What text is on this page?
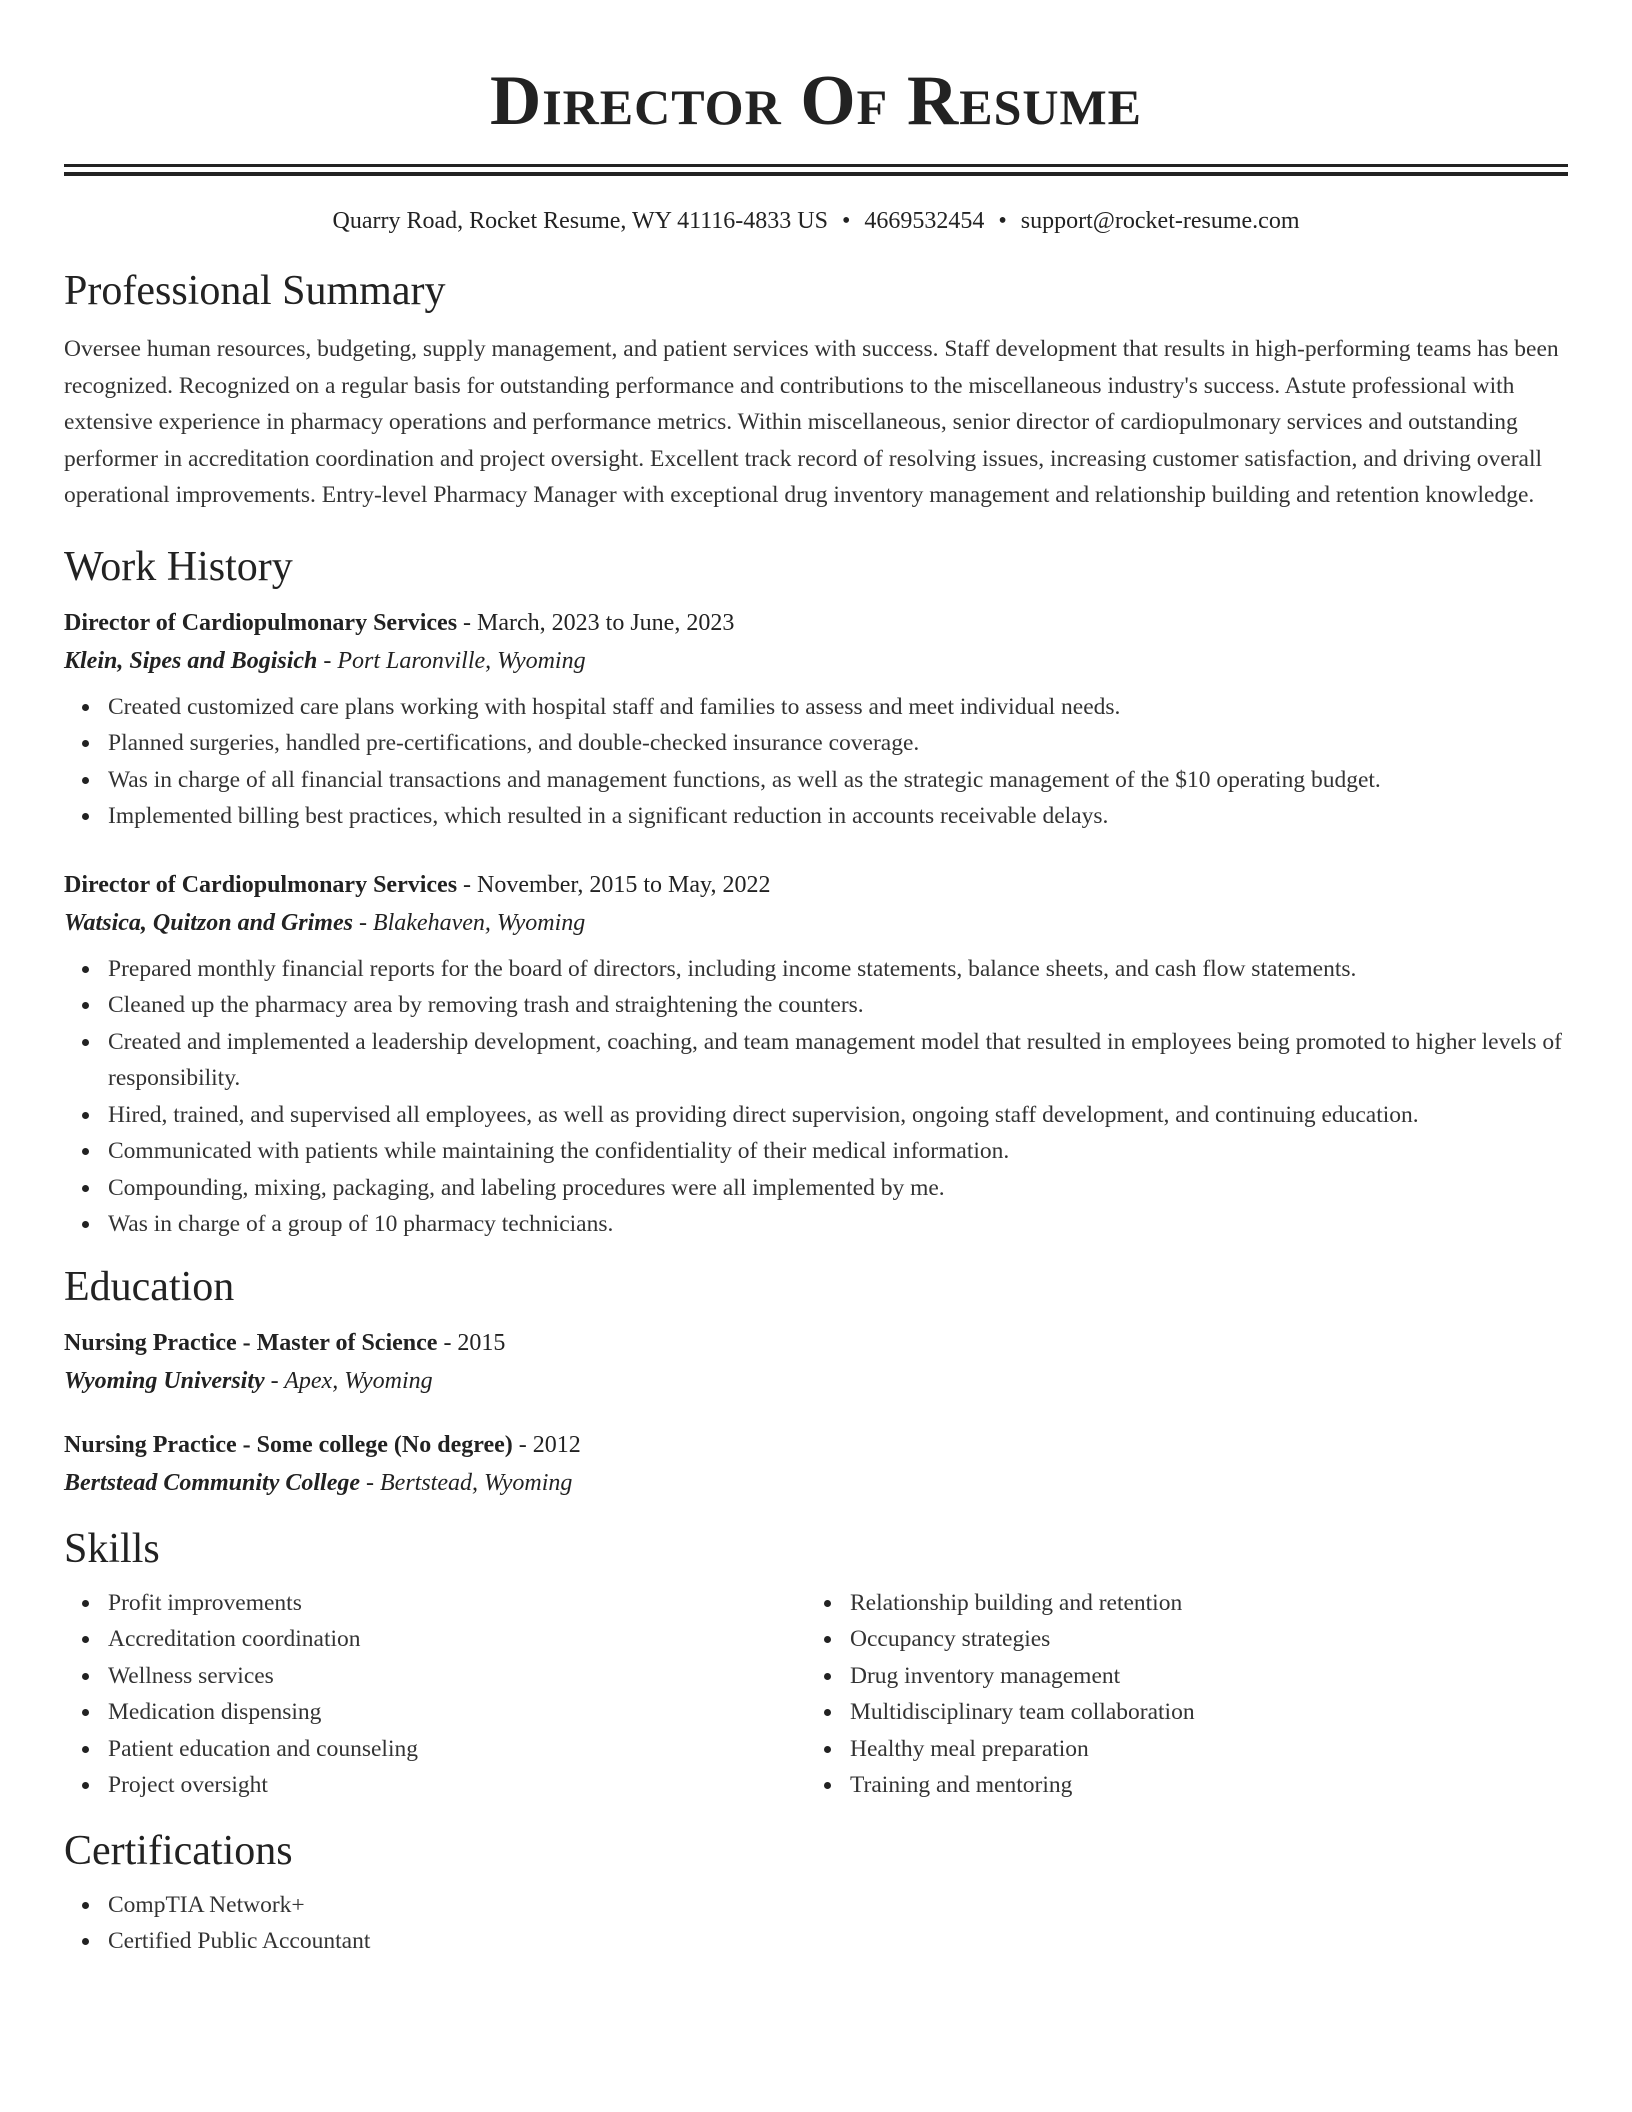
Director Of Resume
Quarry Road, Rocket Resume, WY 41116-4833 US • 4669532454 • support@rocket-resume.com
Professional Summary

Oversee human resources, budgeting, supply management, and patient services with success. Staff development that results in high-performing teams has been recognized. Recognized on a regular basis for outstanding performance and contributions to the miscellaneous industry's success. Astute professional with extensive experience in pharmacy operations and performance metrics. Within miscellaneous, senior director of cardiopulmonary services and outstanding performer in accreditation coordination and project oversight. Excellent track record of resolving issues, increasing customer satisfaction, and driving overall operational improvements. Entry-level Pharmacy Manager with exceptional drug inventory management and relationship building and retention knowledge.

Work History

Director of Cardiopulmonary Services - March, 2023 to June, 2023

Klein, Sipes and Bogisich - Port Laronville, Wyoming

Created customized care plans working with hospital staff and families to assess and meet individual needs.
Planned surgeries, handled pre-certifications, and double-checked insurance coverage.
Was in charge of all financial transactions and management functions, as well as the strategic management of the $10 operating budget.
Implemented billing best practices, which resulted in a significant reduction in accounts receivable delays.

Director of Cardiopulmonary Services - November, 2015 to May, 2022

Watsica, Quitzon and Grimes - Blakehaven, Wyoming

Prepared monthly financial reports for the board of directors, including income statements, balance sheets, and cash flow statements.
Cleaned up the pharmacy area by removing trash and straightening the counters.
Created and implemented a leadership development, coaching, and team management model that resulted in employees being promoted to higher levels of responsibility.
Hired, trained, and supervised all employees, as well as providing direct supervision, ongoing staff development, and continuing education.
Communicated with patients while maintaining the confidentiality of their medical information.
Compounding, mixing, packaging, and labeling procedures were all implemented by me.
Was in charge of a group of 10 pharmacy technicians.
Education

Nursing Practice - Master of Science - 2015

Wyoming University - Apex, Wyoming

Nursing Practice - Some college (No degree) - 2012

Bertstead Community College - Bertstead, Wyoming

Skills
Profit improvements
Accreditation coordination
Wellness services
Medication dispensing
Patient education and counseling
Project oversight
Relationship building and retention
Occupancy strategies
Drug inventory management
Multidisciplinary team collaboration
Healthy meal preparation
Training and mentoring
Certifications
CompTIA Network+
Certified Public Accountant
